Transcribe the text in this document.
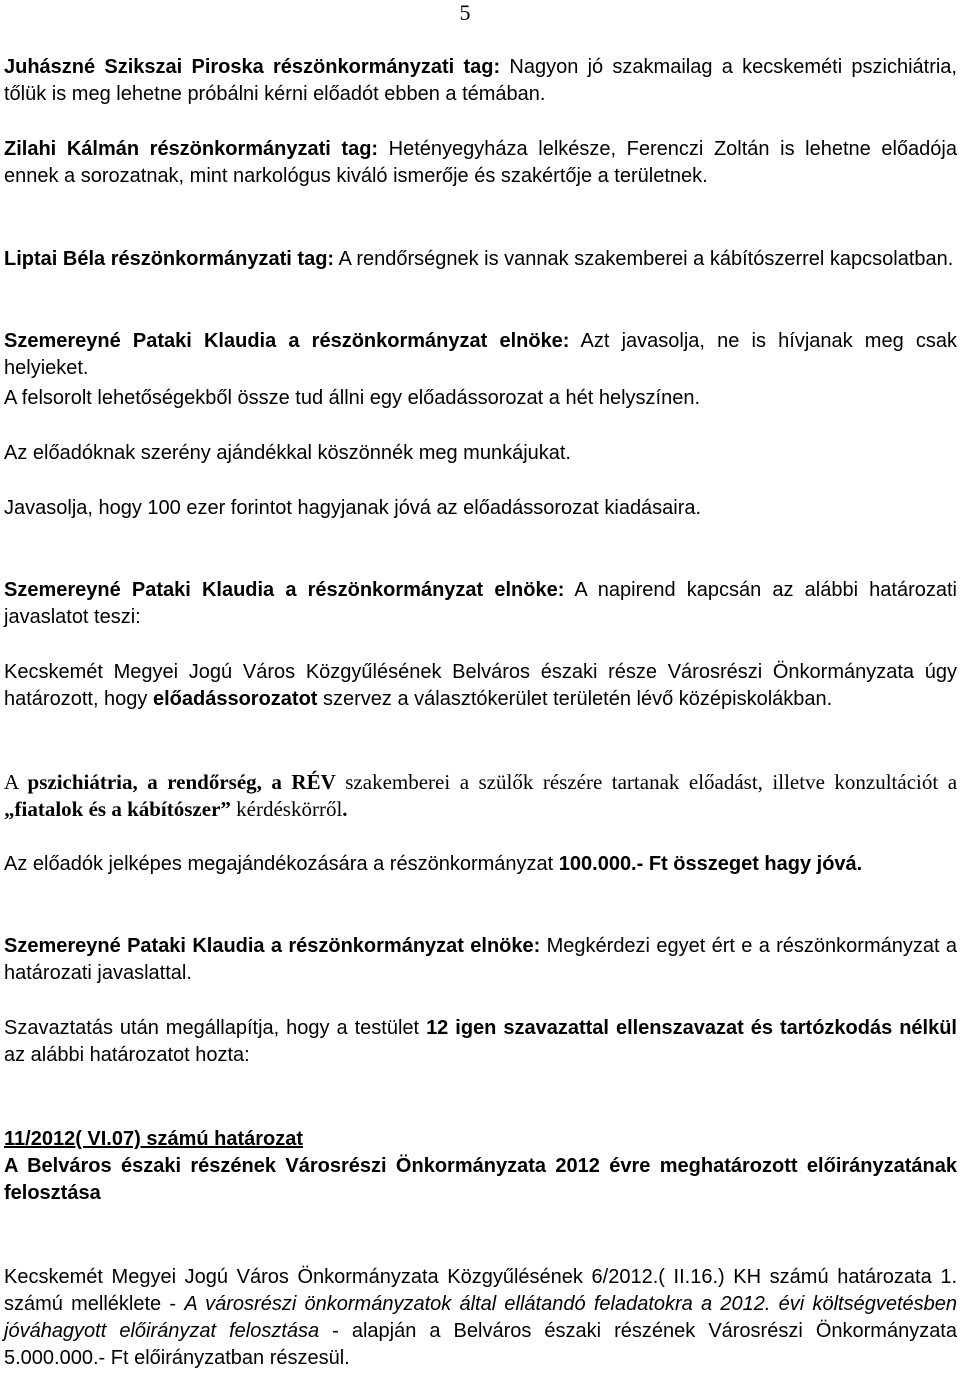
5

Juhászné Szikszai Piroska részönkormányzati tag: Nagyon jó szakmailag a kecskeméti pszichiátria, tőlük is meg lehetne próbálni kérni előadót ebben a témában.

Zilahi Kálmán részönkormányzati tag: Hetényegyháza lelkésze, Ferenczi Zoltán is lehetne előadója ennek a sorozatnak, mint narkológus kiváló ismerője és szakértője a területnek.

Liptai Béla részönkormányzati tag: A rendőrségnek is vannak szakemberei a kábítószerrel kapcsolatban.

Szemereyné Pataki Klaudia a részönkormányzat elnöke: Azt javasolja, ne is hívjanak meg csak helyieket.

A felsorolt lehetőségekből össze tud állni egy előadássorozat a hét helyszínen.

Az előadóknak szerény ajándékkal köszönnék meg munkájukat.

Javasolja, hogy 100 ezer forintot hagyjanak jóvá az előadássorozat kiadásaira.

Szemereyné Pataki Klaudia a részönkormányzat elnöke: A napirend kapcsán az alábbi határozati javaslatot teszi:

Kecskemét Megyei Jogú Város Közgyűlésének Belváros északi része Városrészi Önkormányzata úgy határozott, hogy előadássorozatot szervez a választókerület területén lévő középiskolákban.

A pszichiátria, a rendőrség, a RÉV szakemberei a szülők részére tartanak előadást, illetve konzultációt a „fiatalok és a kábítószer” kérdéskörről.

Az előadók jelképes megajándékozására a részönkormányzat 100.000.- Ft összeget hagy jóvá.

Szemereyné Pataki Klaudia a részönkormányzat elnöke: Megkérdezi egyet ért e a részönkormányzat a határozati javaslattal.

Szavaztatás után megállapítja, hogy a testület 12 igen szavazattal ellenszavazat és tartózkodás nélkül az alábbi határozatot hozta:

11/2012( VI.07) számú határozat
A Belváros északi részének Városrészi Önkormányzata 2012 évre meghatározott előirányzatának felosztása

Kecskemét Megyei Jogú Város Önkormányzata Közgyűlésének 6/2012.( II.16.) KH számú határozata 1. számú melléklete - A városrészi önkormányzatok által ellátandó feladatokra a 2012. évi költségvetésben jóváhagyott előirányzat felosztása - alapján a Belváros északi részének Városrészi Önkormányzata 5.000.000.- Ft előirányzatban részesül.
